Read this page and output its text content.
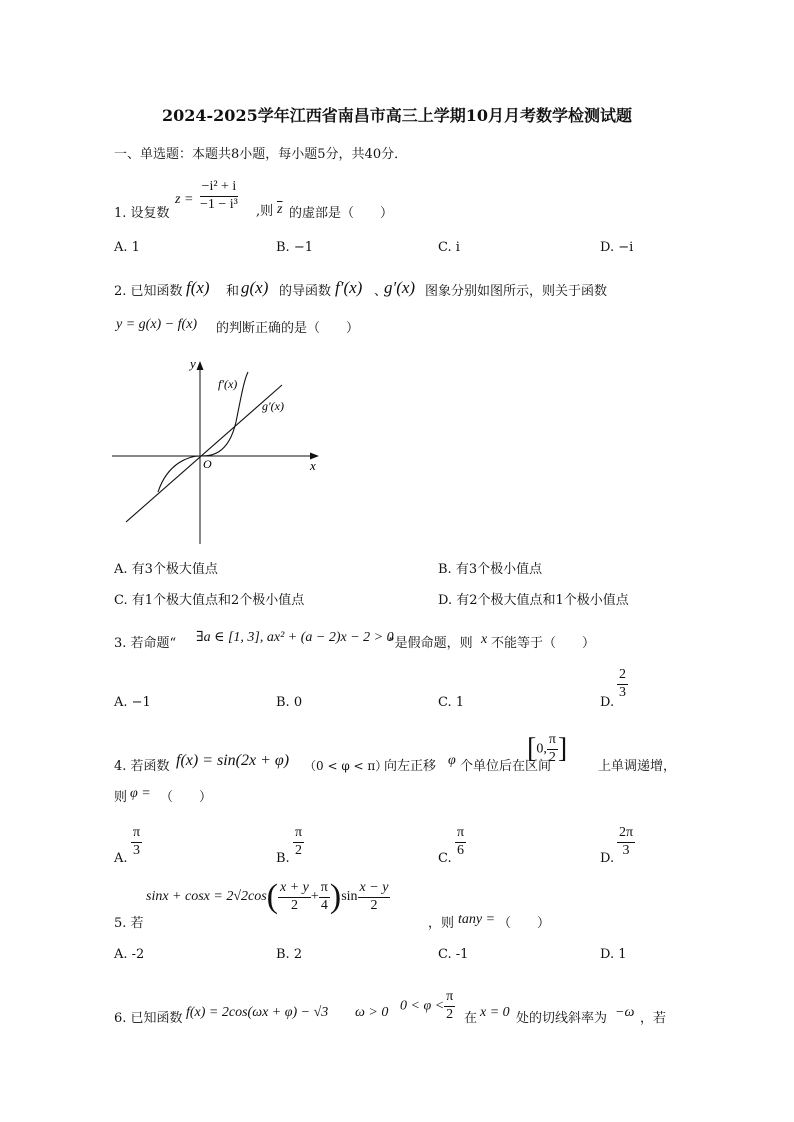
2024-2025学年江西省南昌市高三上学期10月月考数学检测试题
一、单选题：本题共8小题，每小题5分，共40分．
1. 设复数
$z = \frac{\text{−i² + i}}{\text{−1 − i³}}$ ,则 $\overline{z}$ 的虚部是（　　）
A. 1	B. −1	C. i	D. −i
2. 已知函数 f(x) 和 g(x) 的导函数 f′(x) 、
g′(x) 图象分别如图所示，则关于函数
y = g(x) − f(x) 的判断正确的是（　　）
y
x
O
f′(x)
g′(x)
A. 有3个极大值点	B. 有3个极小值点
C. 有1个极大值点和2个极小值点	D. 有2个极大值点和1个极小值点
3. 若命题“ ∃a ∈ [1, 3], ax² + (a − 2)x − 2 > 0
”是假命题，则 x 不能等于（　　）
A. −1	B. 0	C. 1	D.
$\frac{2}{3}$
4. 若函数 f(x) = sin(2x + φ) （0 < φ < π）
向左正移 φ 个单位后在区间
[0, $\frac{\pi}{2}$ ]
上单调递增，
则 φ = （　　）
A.
$\frac{\pi}{3}$
B.
$\frac{\pi}{2}$
C.
$\frac{\pi}{6}$
D.
$\frac{2\pi}{3}$
5. 若
$\sin x + \cos x = 2√2\cos( \frac{x + y}{2} + \frac{\pi}{4} )\sin \frac{x - y}{2}$
，则 tany = （　　）
A. -2	B. 2	C. -1	D. 1
6. 已知函数 f(x) = 2cos(ωx + φ) − √3 ω > 0 $0 < \varphi < \frac{\pi}{2}$ 在 x = 0 处的切线斜率为 −ω ，若
